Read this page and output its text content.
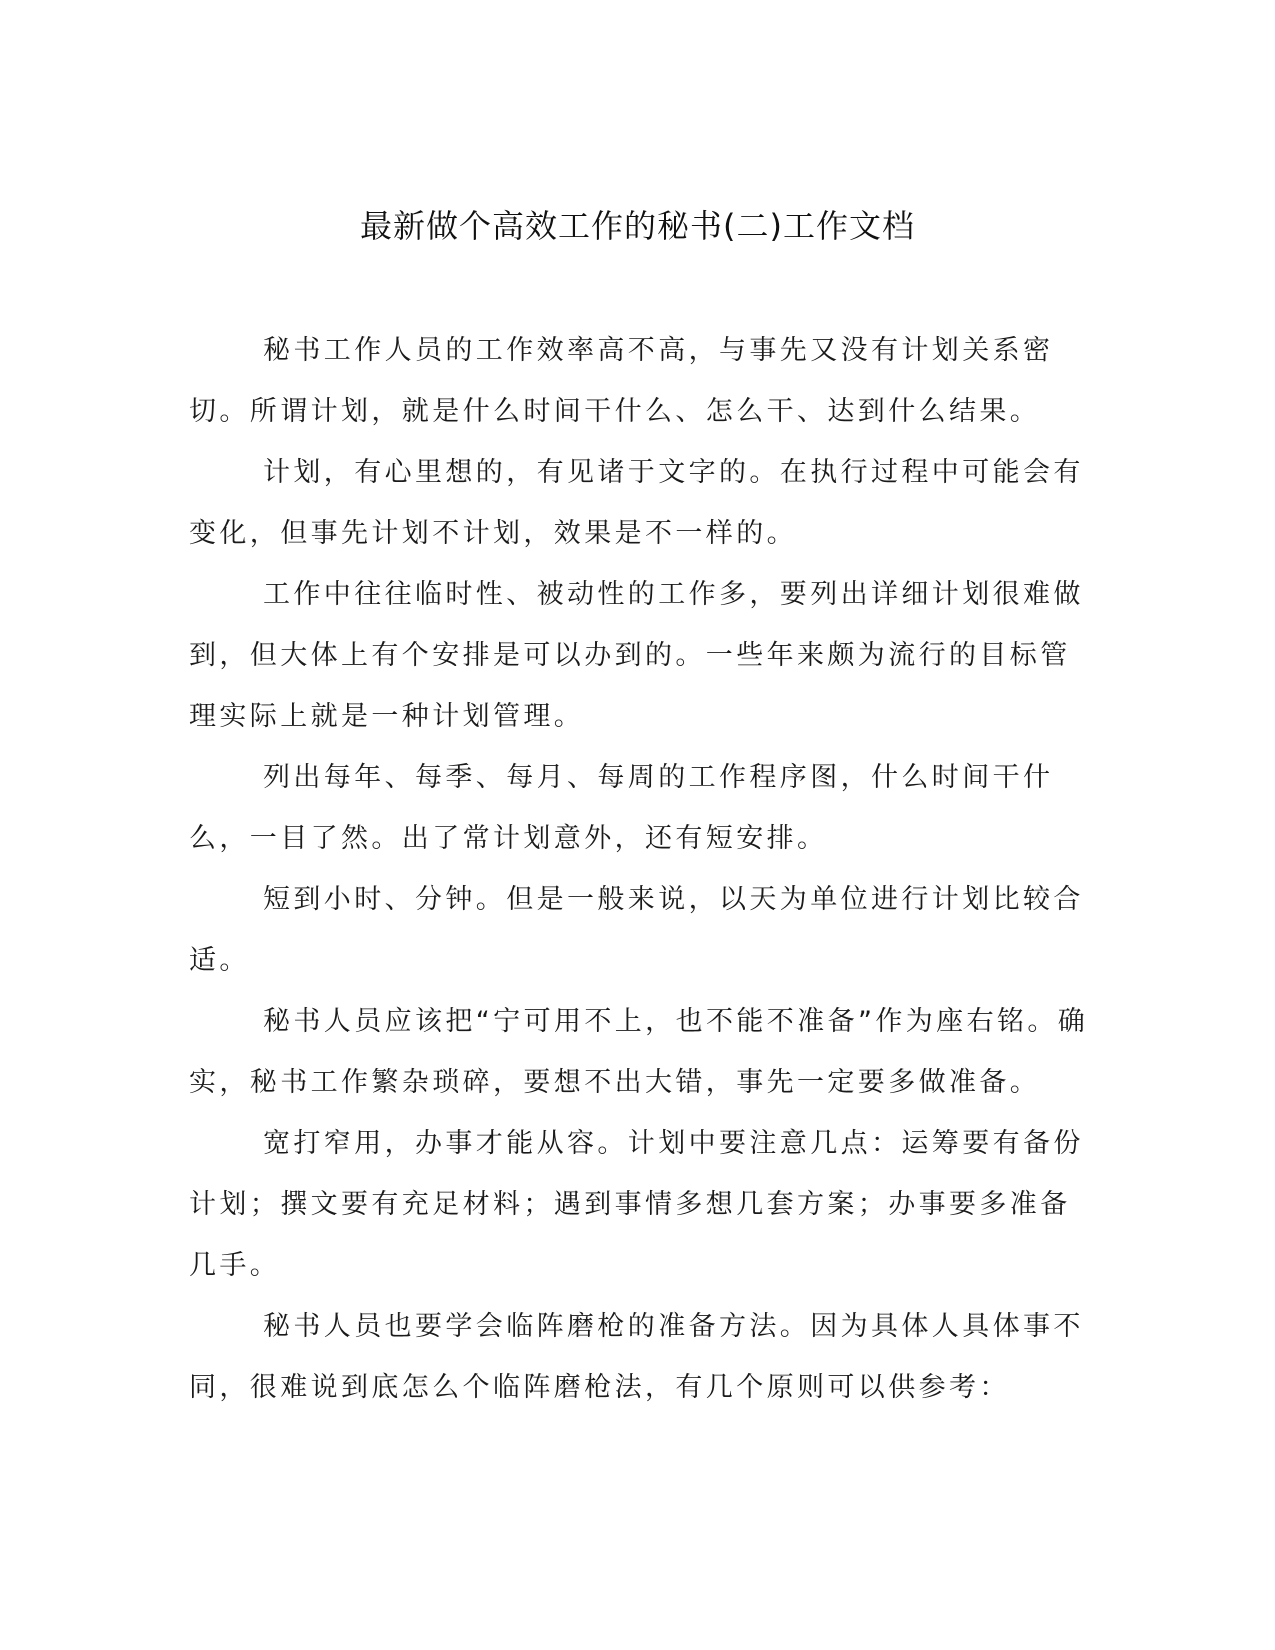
最新做个高效工作的秘书(二)工作文档

秘书工作人员的工作效率高不高，与事先又没有计划关系密切。所谓计划，就是什么时间干什么、怎么干、达到什么结果。

计划，有心里想的，有见诸于文字的。在执行过程中可能会有变化，但事先计划不计划，效果是不一样的。

工作中往往临时性、被动性的工作多，要列出详细计划很难做到，但大体上有个安排是可以办到的。一些年来颇为流行的目标管理实际上就是一种计划管理。

列出每年、每季、每月、每周的工作程序图，什么时间干什么，一目了然。出了常计划意外，还有短安排。

短到小时、分钟。但是一般来说，以天为单位进行计划比较合适。

秘书人员应该把“宁可用不上，也不能不准备”作为座右铭。确实，秘书工作繁杂琐碎，要想不出大错，事先一定要多做准备。

宽打窄用，办事才能从容。计划中要注意几点：运筹要有备份计划；撰文要有充足材料；遇到事情多想几套方案；办事要多准备几手。

秘书人员也要学会临阵磨枪的准备方法。因为具体人具体事不同，很难说到底怎么个临阵磨枪法，有几个原则可以供参考：
